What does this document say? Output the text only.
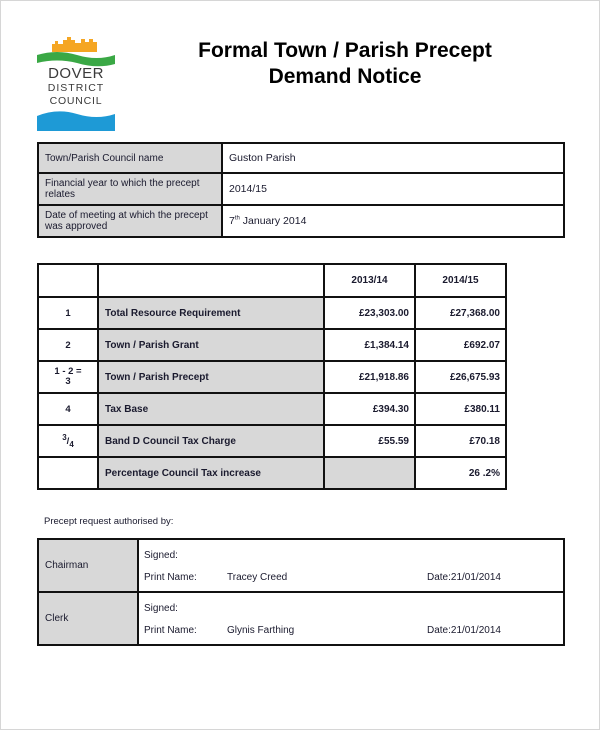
DOVER
DISTRICT
COUNCIL
Formal Town / Parish Precept
Demand Notice
Town/Parish Council name	Guston Parish
Financial year to which the precept relates	2014/15
Date of meeting at which the precept was approved	7th January 2014
		2013/14	2014/15
1	Total Resource Requirement	£23,303.00	£27,368.00
2	Town / Parish Grant	£1,384.14	£692.07

1 - 2 =
3	Town / Parish Precept	£21,918.86	£26,675.93
4	Tax Base	£394.30	£380.11
$^3/_4$	Band D Council Tax Charge	£55.59	£70.18
	Percentage Council Tax increase		26 .2%
Precept request authorised by:
Chairman	Signed:
Print Name: Tracey Creed Date:21/01/2014

Clerk	Signed:
Print Name: Glynis Farthing Date:21/01/2014
